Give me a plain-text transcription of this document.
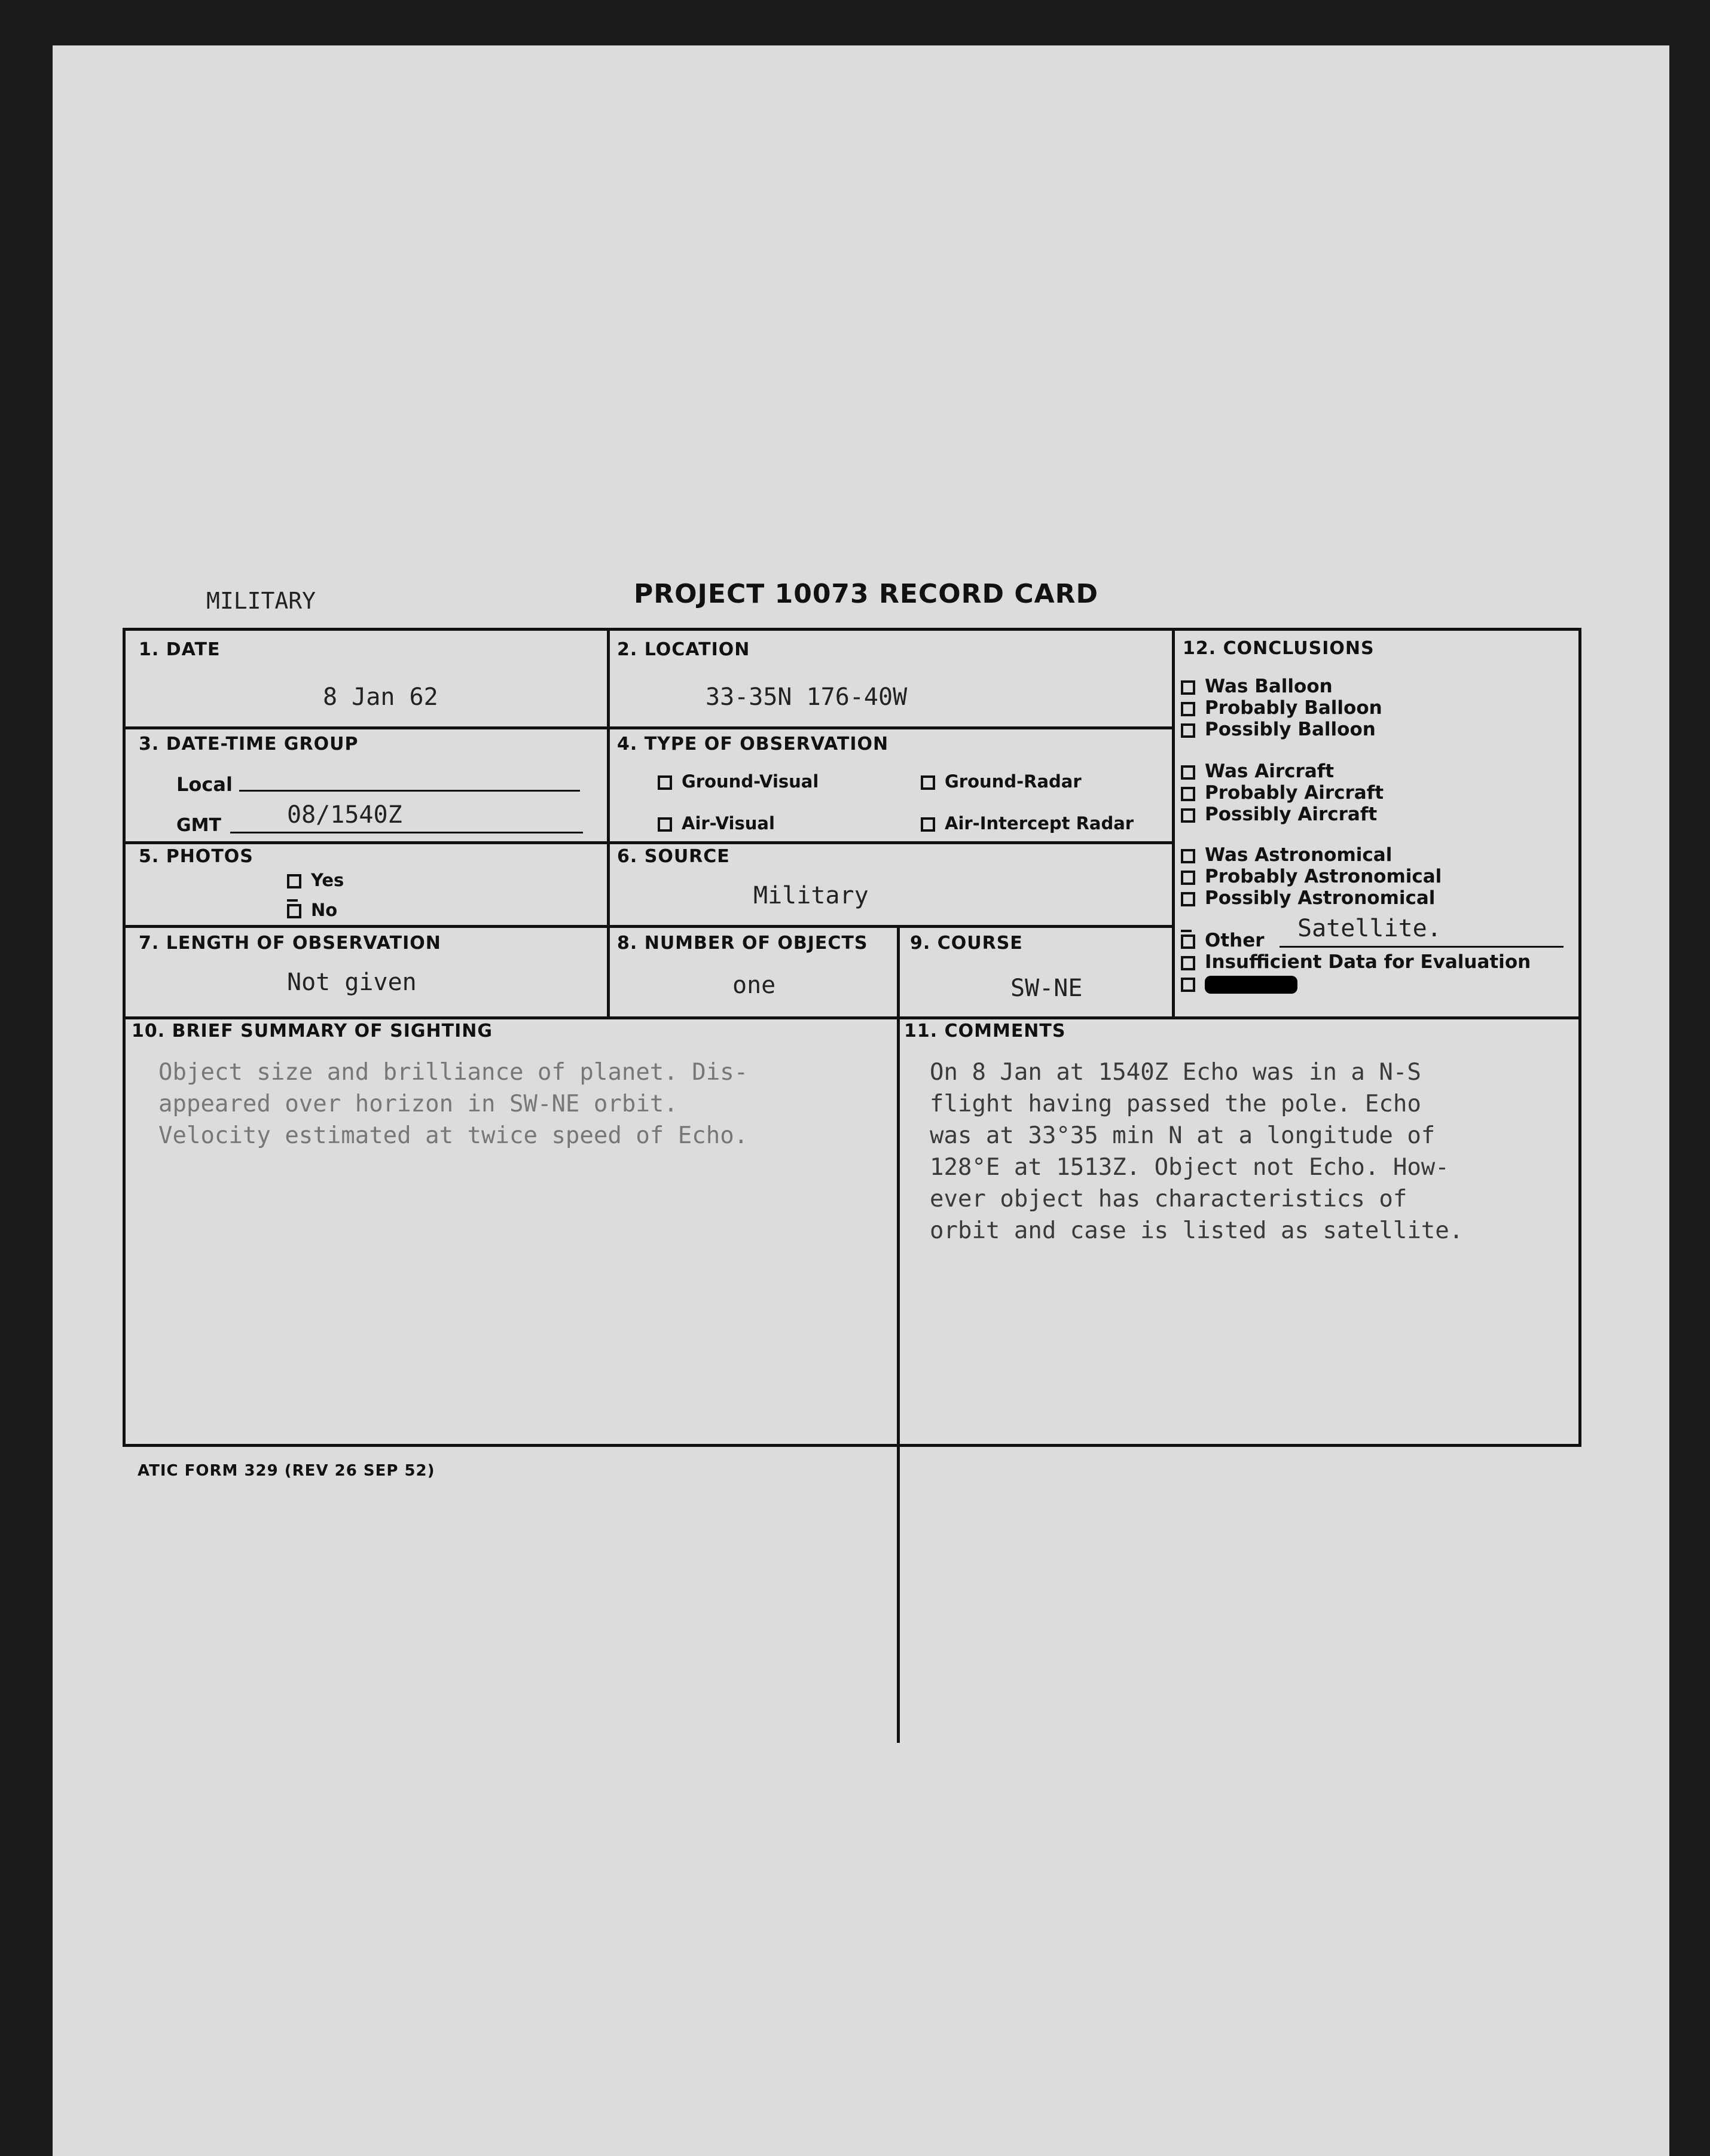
MILITARY	PROJECT 10073 RECORD CARD
1. DATE
8 Jan 62
2. LOCATION
33-35N 176-40W
3. DATE-TIME GROUP
Local
GMT	08/1540Z
4. TYPE OF OBSERVATION
Ground-Visual	Ground-Radar
Air-Visual	Air-Intercept Radar
5. PHOTOS
Yes
No
6. SOURCE
Military
7. LENGTH OF OBSERVATION
Not given
8. NUMBER OF OBJECTS
one
9. COURSE
SW-NE
10. BRIEF SUMMARY OF SIGHTING
Object size and brilliance of planet. Dis-
appeared over horizon in SW-NE orbit.
Velocity estimated at twice speed of Echo.
11. COMMENTS
On 8 Jan at 1540Z Echo was in a N-S
flight having passed the pole. Echo
was at 33°35 min N at a longitude of
128°E at 1513Z. Object not Echo. How-
ever object has characteristics of
orbit and case is listed as satellite.
12. CONCLUSIONS
Was Balloon
Probably Balloon
Possibly Balloon
Was Aircraft
Probably Aircraft
Possibly Aircraft
Was Astronomical
Probably Astronomical
Possibly Astronomical
Other Satellite.
Insufficient Data for Evaluation
ATIC FORM 329 (REV 26 SEP 52)
